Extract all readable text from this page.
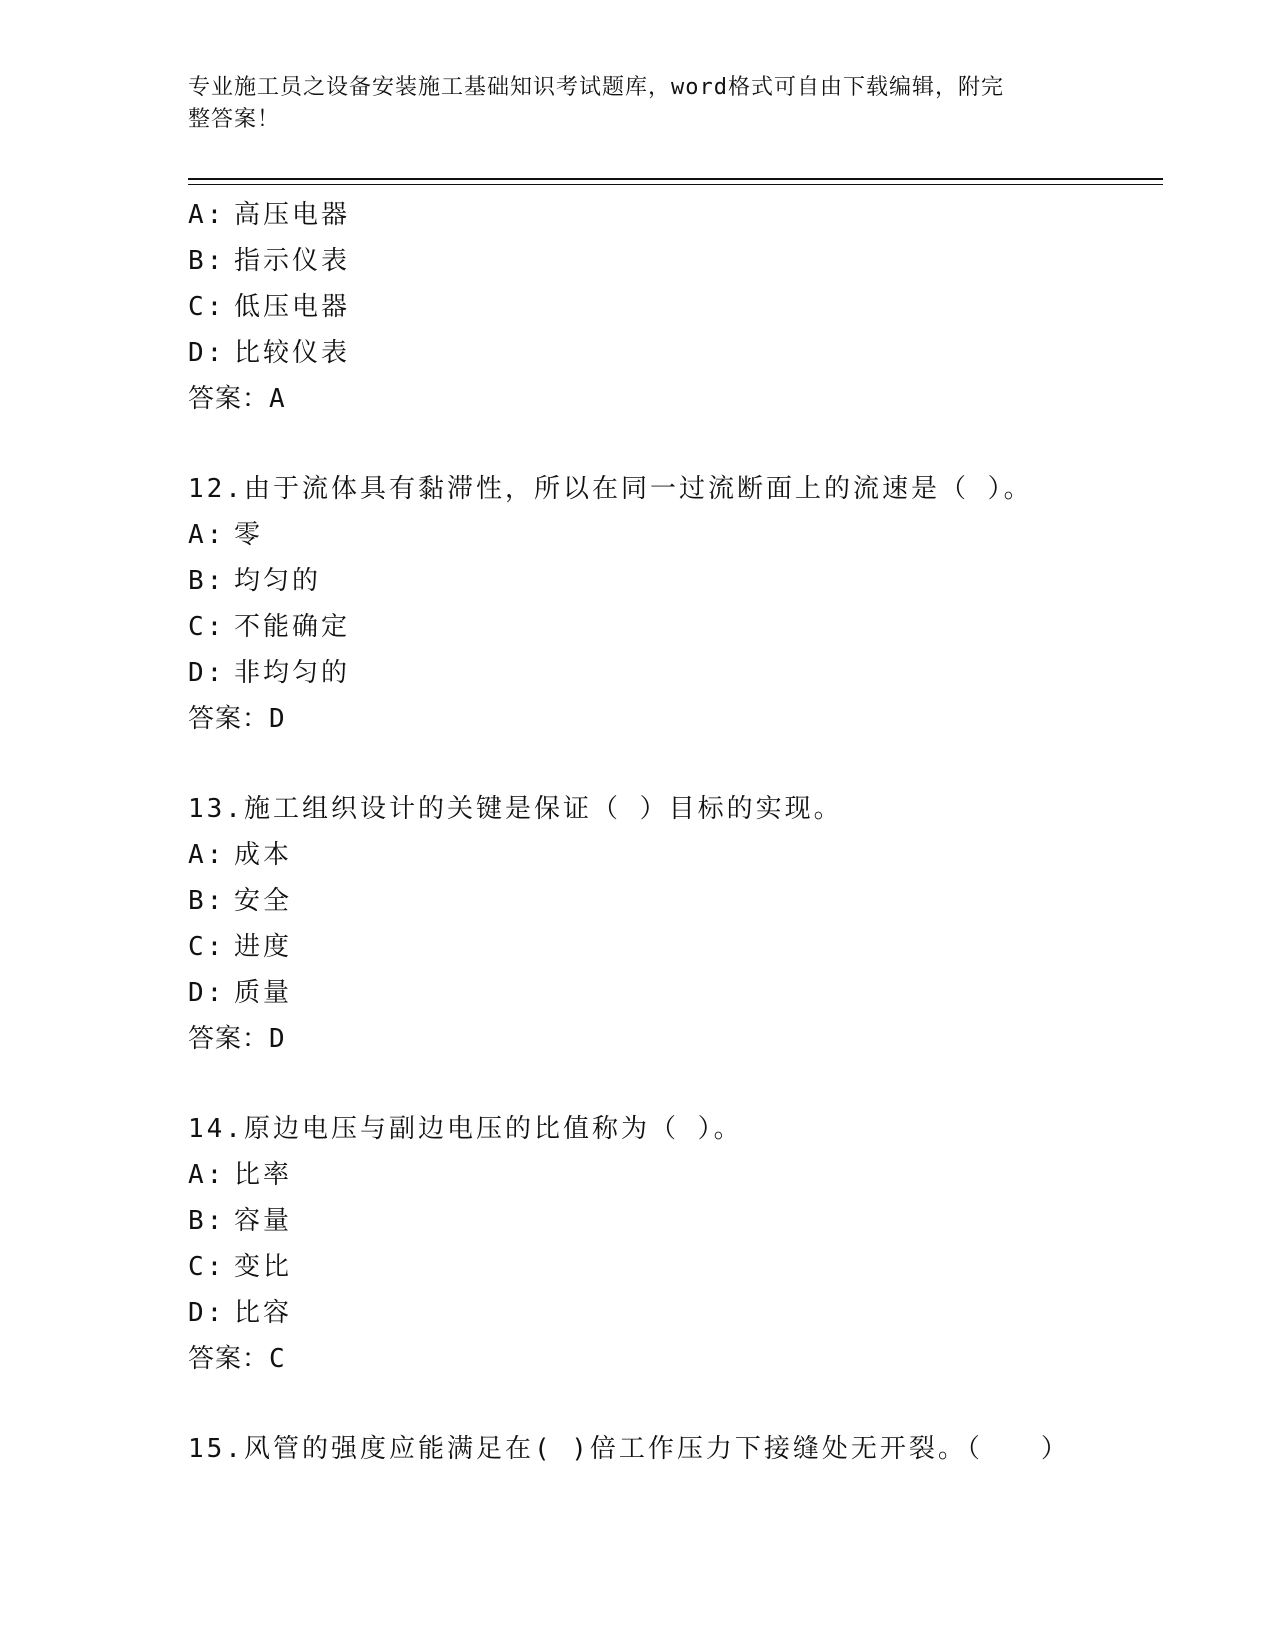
专业施工员之设备安装施工基础知识考试题库，word格式可自由下载编辑，附完
整答案！
A: 高压电器
B: 指示仪表
C: 低压电器
D: 比较仪表
答案：A
12.由于流体具有黏滞性，所以在同一过流断面上的流速是（ ）。
A: 零
B: 均匀的
C: 不能确定
D: 非均匀的
答案：D
13.施工组织设计的关键是保证（ ）目标的实现。
A: 成本
B: 安全
C: 进度
D: 质量
答案：D
14.原边电压与副边电压的比值称为（ ）。
A: 比率
B: 容量
C: 变比
D: 比容
答案：C
15.风管的强度应能满足在( )倍工作压力下接缝处无开裂。（　　）
